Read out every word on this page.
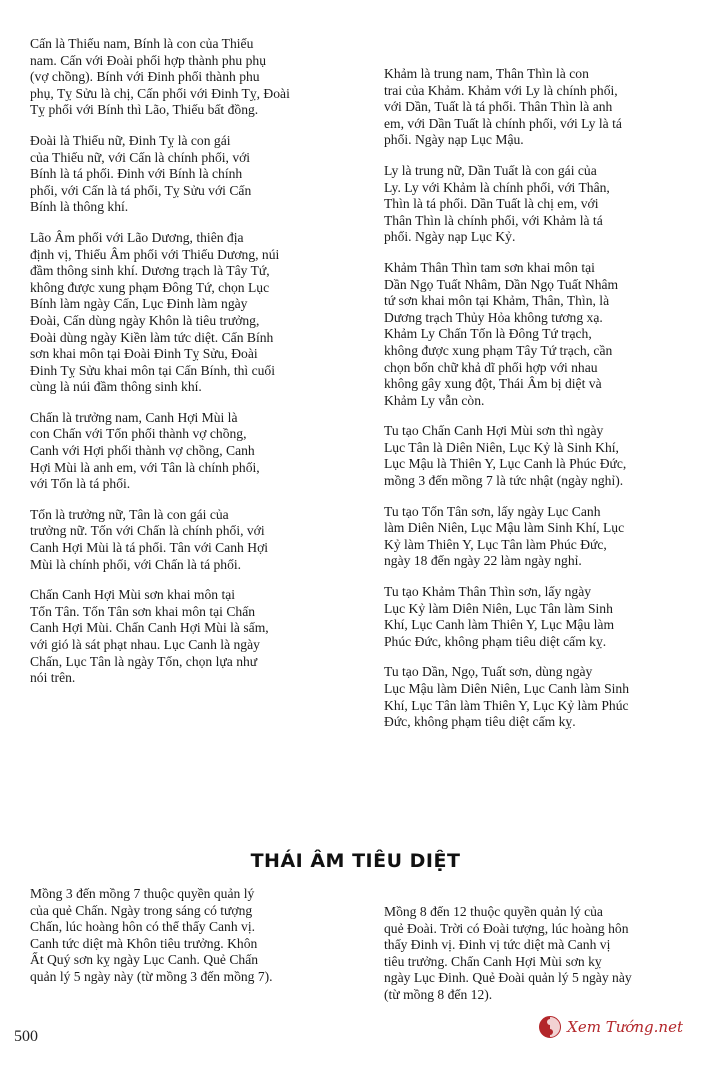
Cấn là Thiếu nam, Bính là con của Thiếu
nam. Cấn với Đoài phối hợp thành phu phụ
(vợ chồng). Bính với Đinh phối thành phu
phụ, Tỵ Sửu là chị, Cấn phối với Đinh Tỵ, Đoài
Tỵ phối với Bính thì Lão, Thiếu bất đồng.
Đoài là Thiếu nữ, Đinh Tỵ là con gái
của Thiếu nữ, với Cấn là chính phối, với
Bính là tá phối. Đinh với Bính là chính
phối, với Cấn là tá phối, Tỵ Sửu với Cấn
Bính là thông khí.
Lão Âm phối với Lão Dương, thiên địa
định vị, Thiếu Âm phối với Thiếu Dương, núi
đầm thông sinh khí. Dương trạch là Tây Tứ,
không được xung phạm Đông Tứ, chọn Lục
Bính làm ngày Cấn, Lục Đinh làm ngày
Đoài, Cấn dùng ngày Khôn là tiêu trưởng,
Đoài dùng ngày Kiền làm tức diệt. Cấn Bính
sơn khai môn tại Đoài Đinh Tỵ Sửu, Đoài
Đinh Tỵ Sửu khai môn tại Cấn Bính, thì cuối
cùng là núi đầm thông sinh khí.
Chấn là trưởng nam, Canh Hợi Mùi là
con Chấn với Tốn phối thành vợ chồng,
Canh với Hợi phối thành vợ chồng, Canh
Hợi Mùi là anh em, với Tân là chính phối,
với Tốn là tá phối.
Tốn là trưởng nữ, Tân là con gái của
trưởng nữ. Tốn với Chấn là chính phối, với
Canh Hợi Mùi là tá phối. Tân với Canh Hợi
Mùi là chính phối, với Chấn là tá phối.
Chấn Canh Hợi Mùi sơn khai môn tại
Tốn Tân. Tốn Tân sơn khai môn tại Chấn
Canh Hợi Mùi. Chấn Canh Hợi Mùi là sấm,
với gió là sát phạt nhau. Lục Canh là ngày
Chấn, Lục Tân là ngày Tốn, chọn lựa như
nói trên.
Khảm là trung nam, Thân Thìn là con
trai của Khảm. Khảm với Ly là chính phối,
với Dần, Tuất là tá phối. Thân Thìn là anh
em, với Dần Tuất là chính phối, với Ly là tá
phối. Ngày nạp Lục Mậu.
Ly là trung nữ, Dần Tuất là con gái của
Ly. Ly với Khảm là chính phối, với Thân,
Thìn là tá phối. Dần Tuất là chị em, với
Thân Thìn là chính phối, với Khảm là tá
phối. Ngày nạp Lục Kỷ.
Khảm Thân Thìn tam sơn khai môn tại
Dần Ngọ Tuất Nhâm, Dần Ngọ Tuất Nhâm
tứ sơn khai môn tại Khảm, Thân, Thìn, là
Dương trạch Thủy Hỏa không tương xạ.
Khảm Ly Chấn Tốn là Đông Tứ trạch,
không được xung phạm Tây Tứ trạch, cần
chọn bốn chữ khả dĩ phối hợp với nhau
không gây xung đột, Thái Âm bị diệt và
Khảm Ly vẫn còn.
Tu tạo Chấn Canh Hợi Mùi sơn thì ngày
Lục Tân là Diên Niên, Lục Kỷ là Sinh Khí,
Lục Mậu là Thiên Y, Lục Canh là Phúc Đức,
mồng 3 đến mồng 7 là tức nhật (ngày nghỉ).
Tu tạo Tốn Tân sơn, lấy ngày Lục Canh
làm Diên Niên, Lục Mậu làm Sinh Khí, Lục
Kỷ làm Thiên Y, Lục Tân làm Phúc Đức,
ngày 18 đến ngày 22 làm ngày nghỉ.
Tu tạo Khảm Thân Thìn sơn, lấy ngày
Lục Kỷ làm Diên Niên, Lục Tân làm Sinh
Khí, Lục Canh làm Thiên Y, Lục Mậu làm
Phúc Đức, không phạm tiêu diệt cấm kỵ.
Tu tạo Dần, Ngọ, Tuất sơn, dùng ngày
Lục Mậu làm Diên Niên, Lục Canh làm Sinh
Khí, Lục Tân làm Thiên Y, Lục Kỷ làm Phúc
Đức, không phạm tiêu diệt cấm kỵ.
THÁI ÂM TIÊU DIỆT
Mồng 3 đến mồng 7 thuộc quyền quản lý
của quẻ Chấn. Ngày trong sáng có tượng
Chấn, lúc hoàng hôn có thể thấy Canh vị.
Canh tức diệt mà Khôn tiêu trưởng. Khôn
Ất Quý sơn kỵ ngày Lục Canh. Quẻ Chấn
quản lý 5 ngày này (từ mồng 3 đến mồng 7).
Mồng 8 đến 12 thuộc quyền quản lý của
quẻ Đoài. Trời có Đoài tượng, lúc hoàng hôn
thấy Đinh vị. Đinh vị tức diệt mà Canh vị
tiêu trưởng. Chấn Canh Hợi Mùi sơn kỵ
ngày Lục Đinh. Quẻ Đoài quản lý 5 ngày này
(từ mồng 8 đến 12).
500
Xem Tướng.net
